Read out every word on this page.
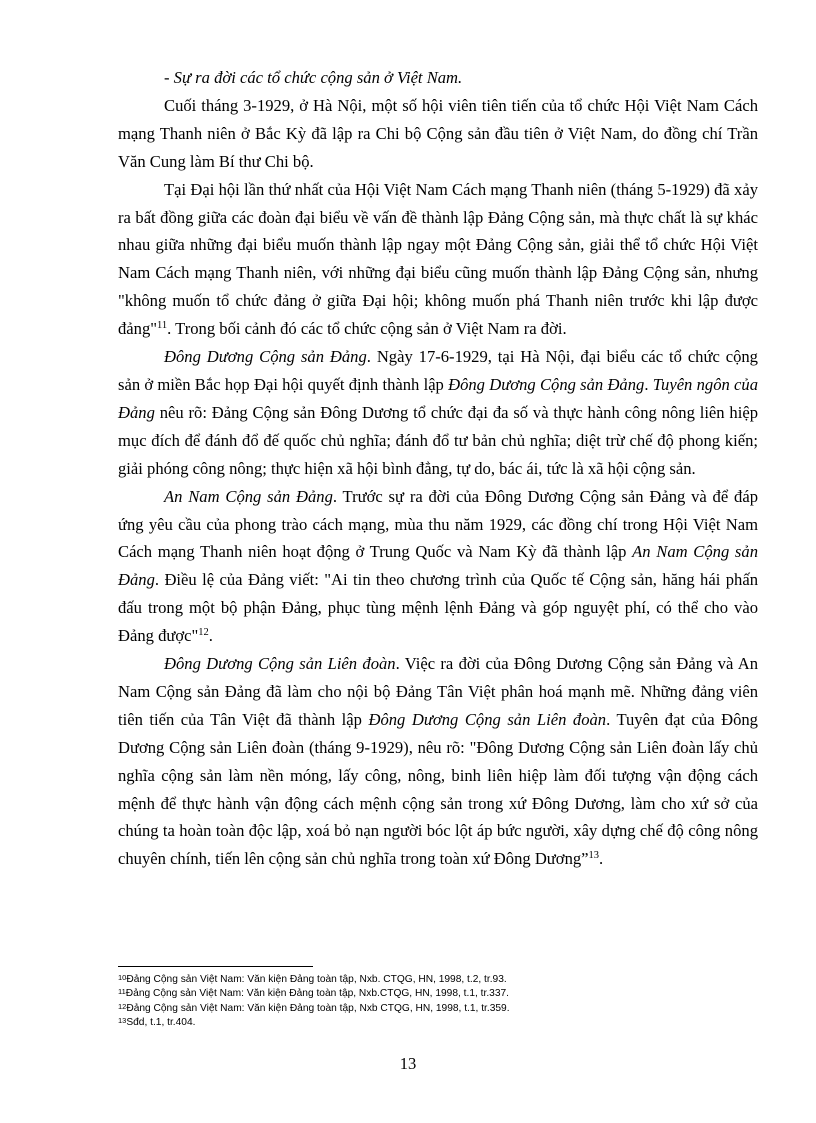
- Sự ra đời các tổ chức cộng sản ở Việt Nam.

Cuối tháng 3-1929, ở Hà Nội, một số hội viên tiên tiến của tổ chức Hội Việt Nam Cách mạng Thanh niên ở Bắc Kỳ đã lập ra Chi bộ Cộng sản đầu tiên ở Việt Nam, do đồng chí Trần Văn Cung làm Bí thư Chi bộ.

Tại Đại hội lần thứ nhất của Hội Việt Nam Cách mạng Thanh niên (tháng 5-1929) đã xảy ra bất đồng giữa các đoàn đại biểu về vấn đề thành lập Đảng Cộng sản, mà thực chất là sự khác nhau giữa những đại biểu muốn thành lập ngay một Đảng Cộng sản, giải thể tổ chức Hội Việt Nam Cách mạng Thanh niên, với những đại biểu cũng muốn thành lập Đảng Cộng sản, nhưng "không muốn tổ chức đảng ở giữa Đại hội; không muốn phá Thanh niên trước khi lập được đảng"$^{11}$. Trong bối cảnh đó các tổ chức cộng sản ở Việt Nam ra đời.

Đông Dương Cộng sản Đảng. Ngày 17-6-1929, tại Hà Nội, đại biểu các tổ chức cộng sản ở miền Bắc họp Đại hội quyết định thành lập Đông Dương Cộng sản Đảng. Tuyên ngôn của Đảng nêu rõ: Đảng Cộng sản Đông Dương tổ chức đại đa số và thực hành công nông liên hiệp mục đích để đánh đổ đế quốc chủ nghĩa; đánh đổ tư bản chủ nghĩa; diệt trừ chế độ phong kiến; giải phóng công nông; thực hiện xã hội bình đẳng, tự do, bác ái, tức là xã hội cộng sản.

An Nam Cộng sản Đảng. Trước sự ra đời của Đông Dương Cộng sản Đảng và để đáp ứng yêu cầu của phong trào cách mạng, mùa thu năm 1929, các đồng chí trong Hội Việt Nam Cách mạng Thanh niên hoạt động ở Trung Quốc và Nam Kỳ đã thành lập An Nam Cộng sản Đảng. Điều lệ của Đảng viết: "Ai tin theo chương trình của Quốc tế Cộng sản, hăng hái phấn đấu trong một bộ phận Đảng, phục tùng mệnh lệnh Đảng và góp nguyệt phí, có thể cho vào Đảng được"$^{12}$.

Đông Dương Cộng sản Liên đoàn. Việc ra đời của Đông Dương Cộng sản Đảng và An Nam Cộng sản Đảng đã làm cho nội bộ Đảng Tân Việt phân hoá mạnh mẽ. Những đảng viên tiên tiến của Tân Việt đã thành lập Đông Dương Cộng sản Liên đoàn. Tuyên đạt của Đông Dương Cộng sản Liên đoàn (tháng 9-1929), nêu rõ: "Đông Dương Cộng sản Liên đoàn lấy chủ nghĩa cộng sản làm nền móng, lấy công, nông, binh liên hiệp làm đối tượng vận động cách mệnh để thực hành vận động cách mệnh cộng sản trong xứ Đông Dương, làm cho xứ sở của chúng ta hoàn toàn độc lập, xoá bỏ nạn người bóc lột áp bức người, xây dựng chế độ công nông chuyên chính, tiến lên cộng sản chủ nghĩa trong toàn xứ Đông Dương”$^{13}$.

$^{10}$Đảng Cộng sản Việt Nam: Văn kiện Đảng toàn tập, Nxb. CTQG, HN, 1998, t.2, tr.93.
$^{11}$Đảng Cộng sản Việt Nam: Văn kiện Đảng toàn tập, Nxb.CTQG, HN, 1998, t.1, tr.337.
$^{12}$Đảng Cộng sản Việt Nam: Văn kiện Đảng toàn tập, Nxb CTQG, HN, 1998, t.1, tr.359.
$^{13}$Sđd, t.1, tr.404.
13
